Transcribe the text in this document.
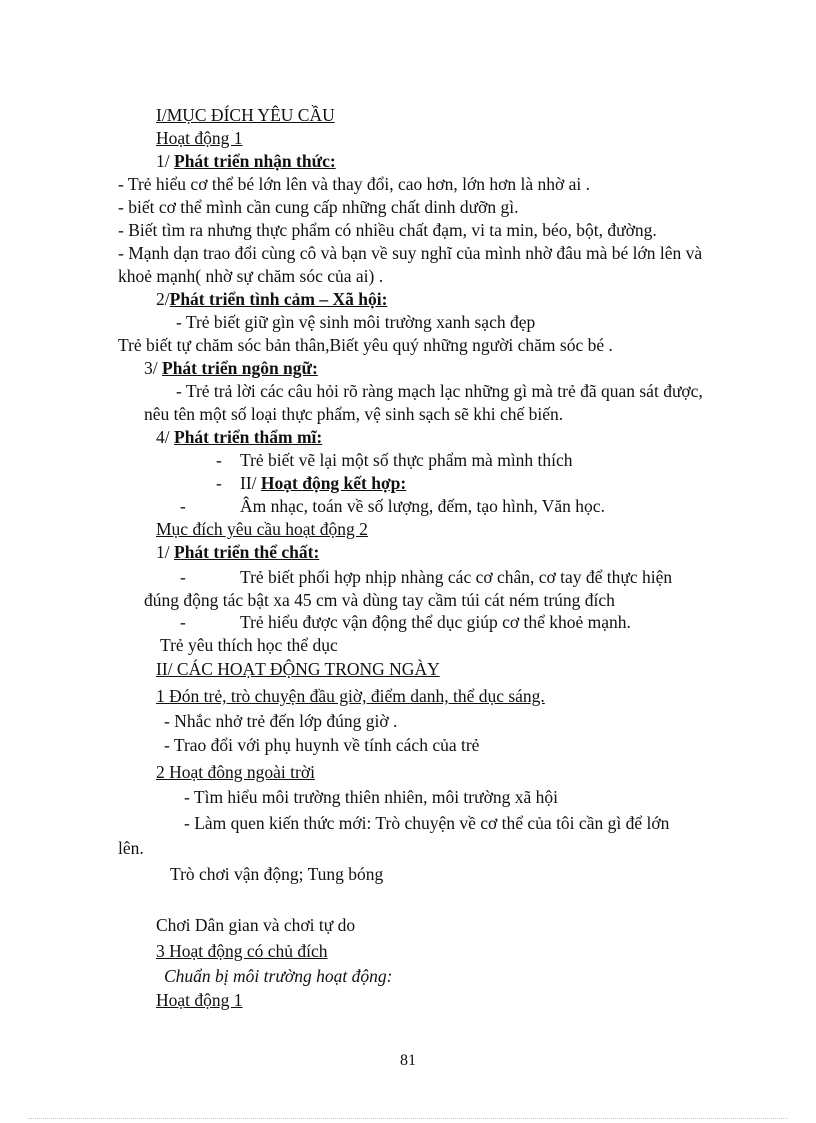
I/MỤC ĐÍCH YÊU CẦU
Hoạt động 1
1/ Phát triển nhận thức:
- Trẻ hiểu cơ thể bé lớn lên và thay đổi, cao hơn, lớn hơn là nhờ ai .
- biết cơ thể mình cần cung cấp những chất dinh dưỡn gì.
- Biết tìm ra nhưng thực phẩm có nhiều chất đạm, vi ta min, béo, bột, đường.
- Mạnh dạn trao đổi cùng cô và bạn về suy nghĩ của mình nhờ đâu mà bé lớn lên và
khoẻ mạnh( nhờ sự chăm sóc của ai) .
2/Phát triển tình cảm – Xã hội:
- Trẻ biết giữ gìn vệ sinh môi trường xanh sạch đẹp
Trẻ biết tự chăm sóc bản thân,Biết yêu quý những người chăm sóc bé .
3/ Phát triển ngôn ngữ:
- Trẻ trả lời các câu hỏi rõ ràng mạch lạc những gì mà trẻ đã quan sát được,
nêu tên một số loại thực phẩm, vệ sinh sạch sẽ khi chế biến.
4/ Phát triển thẩm mĩ:
- Trẻ biết vẽ lại một số thực phẩm mà mình thích
- II/ Hoạt động kết hợp:
-	Âm nhạc, toán về số lượng, đếm, tạo hình, Văn học.
Mục đích yêu cầu hoạt động 2
1/ Phát triển thể chất:
-	Trẻ biết phối hợp nhịp nhàng các cơ chân, cơ tay để thực hiện
đúng động tác bật xa 45 cm và dùng tay cầm túi cát ném trúng đích
-	Trẻ hiểu được vận động thể dục giúp cơ thể khoẻ mạnh.
Trẻ yêu thích học thể dục
II/ CÁC HOẠT ĐỘNG TRONG NGÀY
1 Đón trẻ, trò chuyện đầu giờ, điểm danh, thể dục sáng.
- Nhắc nhở trẻ đến lớp đúng giờ .
- Trao đổi với phụ huynh về tính cách của trẻ
2 Hoạt đông ngoài trời
- Tìm hiểu môi trường thiên nhiên, môi trường xã hội
- Làm quen kiến thức mới: Trò chuyện về cơ thể của tôi cần gì để lớn
lên.
Trò chơi vận động; Tung bóng
Chơi Dân gian và chơi tự do
3 Hoạt động có chủ đích
Chuẩn bị môi trường hoạt động:
Hoạt động 1
81
